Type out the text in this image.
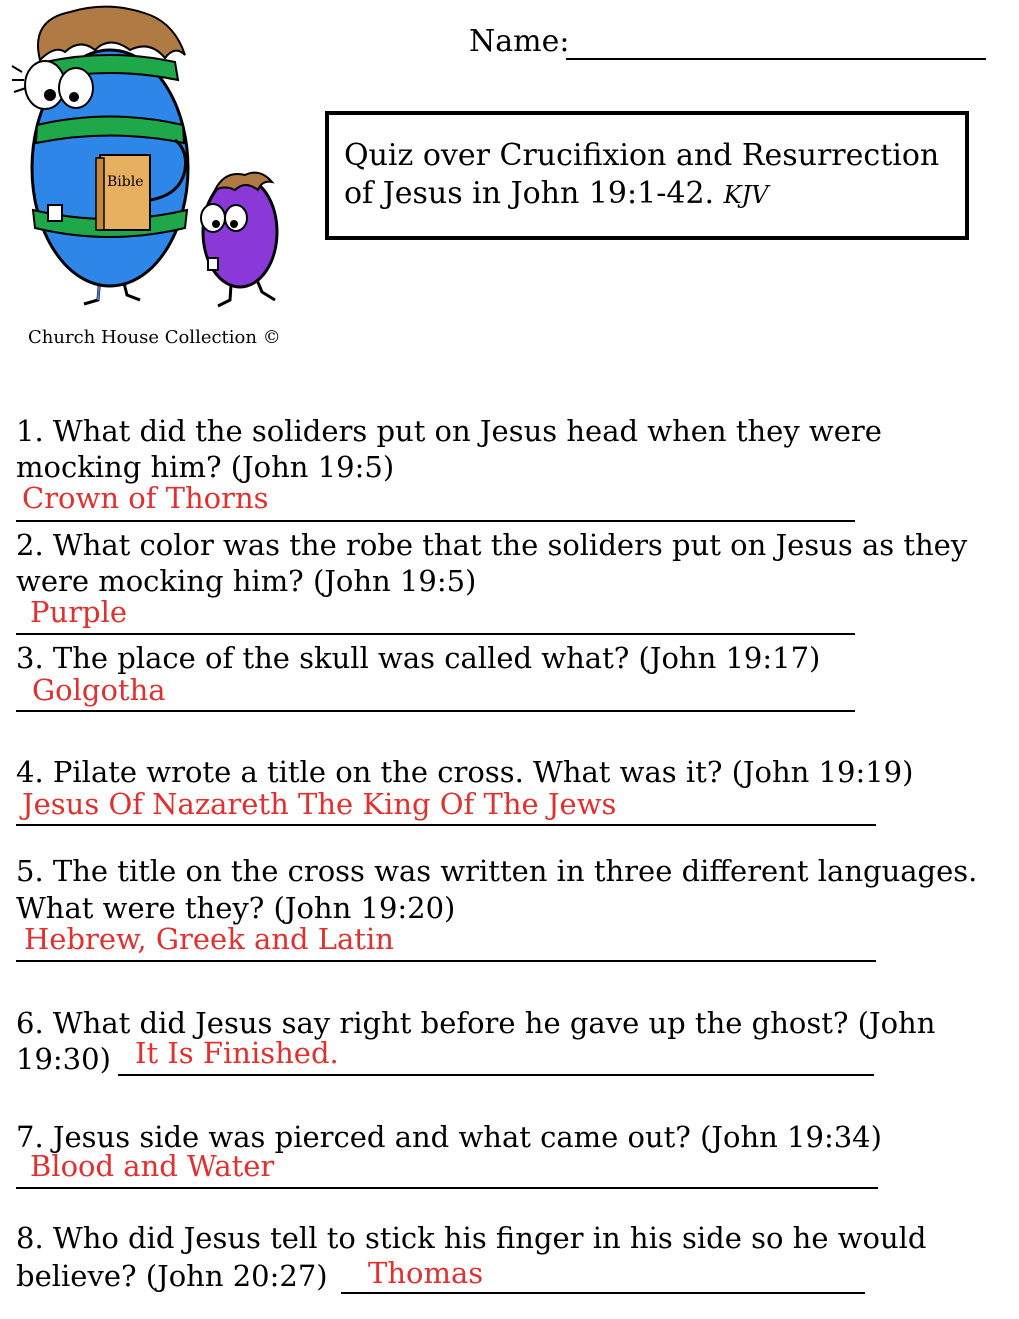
Bible
Church House Collection ©
Name:
Quiz over Crucifixion and Resurrection of Jesus in John 19:1-42. KJV
1. What did the soliders put on Jesus head when they were
mocking him? (John 19:5)
Crown of Thorns
2. What color was the robe that the soliders put on Jesus as they
were mocking him? (John 19:5)
Purple
3. The place of the skull was called what? (John 19:17)
Golgotha
4. Pilate wrote a title on the cross. What was it? (John 19:19)
Jesus Of Nazareth The King Of The Jews
5. The title on the cross was written in three different languages.
What were they? (John 19:20)
Hebrew, Greek and Latin
6. What did Jesus say right before he gave up the ghost? (John
19:30) It Is Finished.
7. Jesus side was pierced and what came out? (John 19:34)
Blood and Water
8. Who did Jesus tell to stick his finger in his side so he would
believe? (John 20:27) Thomas
